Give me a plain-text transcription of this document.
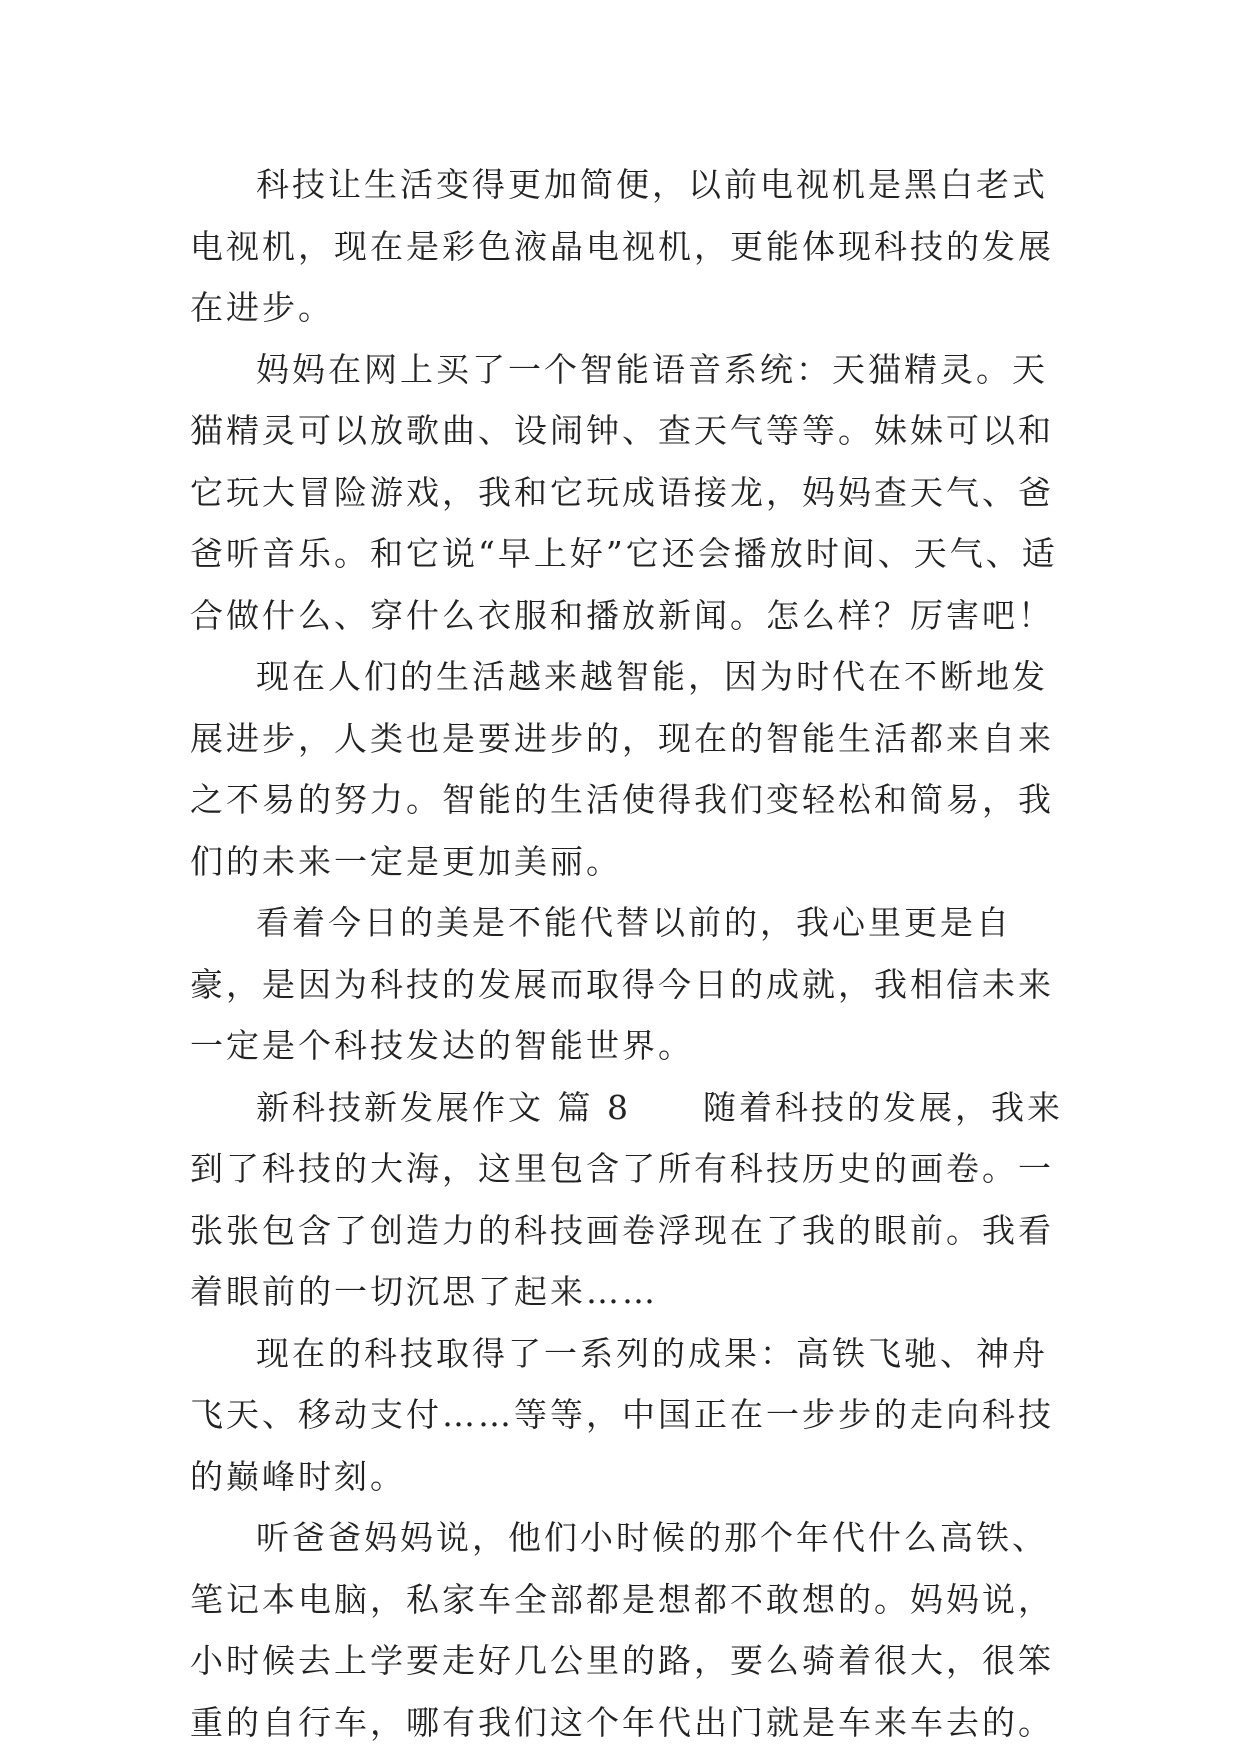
科技让生活变得更加简便，以前电视机是黑白老式电视机，现在是彩色液晶电视机，更能体现科技的发展在进步。

妈妈在网上买了一个智能语音系统：天猫精灵。天猫精灵可以放歌曲、设闹钟、查天气等等。妹妹可以和它玩大冒险游戏，我和它玩成语接龙，妈妈查天气、爸爸听音乐。和它说“早上好”它还会播放时间、天气、适合做什么、穿什么衣服和播放新闻。怎么样？厉害吧！

现在人们的生活越来越智能，因为时代在不断地发展进步，人类也是要进步的，现在的智能生活都来自来之不易的努力。智能的生活使得我们变轻松和简易，我们的未来一定是更加美丽。

看着今日的美是不能代替以前的，我心里更是自豪，是因为科技的发展而取得今日的成就，我相信未来一定是个科技发达的智能世界。

新科技新发展作文 篇 8　　随着科技的发展，我来到了科技的大海，这里包含了所有科技历史的画卷。一张张包含了创造力的科技画卷浮现在了我的眼前。我看着眼前的一切沉思了起来……

现在的科技取得了一系列的成果：高铁飞驰、神舟飞天、移动支付……等等，中国正在一步步的走向科技的巅峰时刻。

听爸爸妈妈说，他们小时候的那个年代什么高铁、笔记本电脑，私家车全部都是想都不敢想的。妈妈说，小时候去上学要走好几公里的路，要么骑着很大，很笨重的自行车，哪有我们这个年代出门就是车来车去的。
